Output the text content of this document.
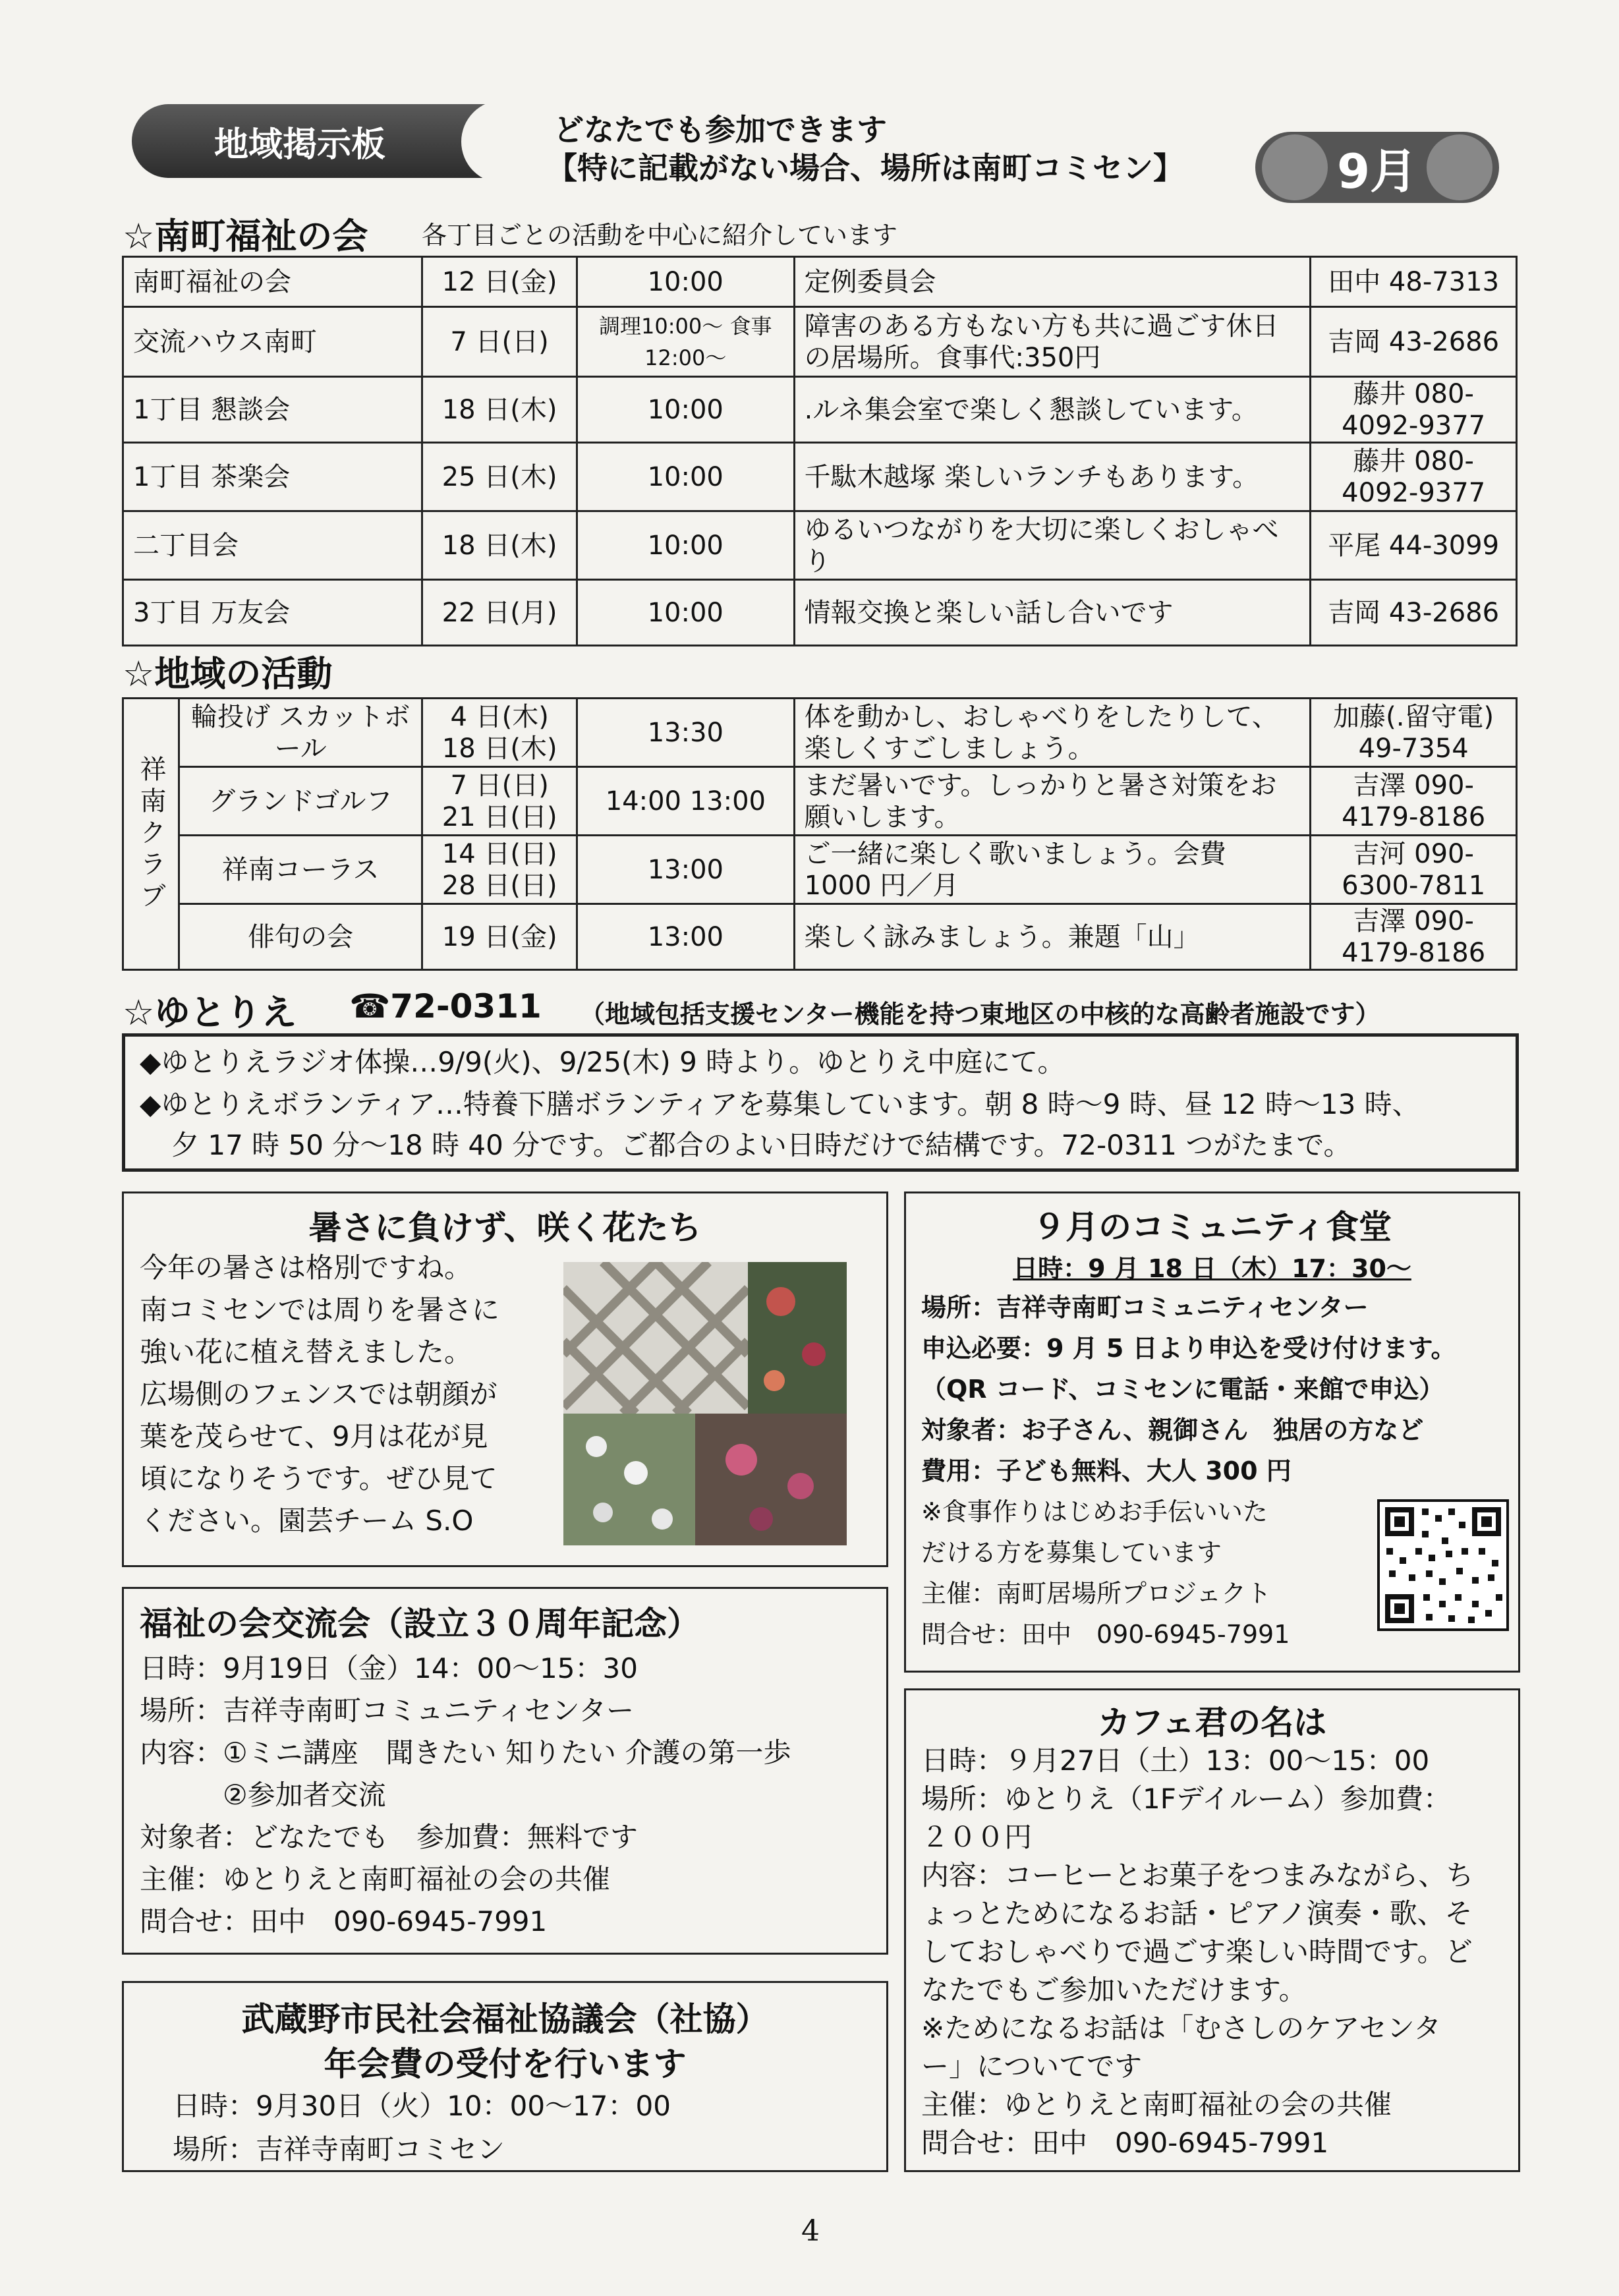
地域掲示板	どなたでも参加できます
【特に記載がない場合、場所は南町コミセン】	9月
☆南町福祉の会 各丁目ごとの活動を中心に紹介しています
南町福祉の会	12 日(金)	10:00	定例委員会	田中 48-7313
交流ハウス南町	7 日(日)	調理10:00～ 食事12:00～	障害のある方もない方も共に過ごす休日の居場所。食事代:350円	吉岡 43-2686
1丁目 懇談会	18 日(木)	10:00	.ルネ集会室で楽しく懇談しています。	藤井 080-4092-9377
1丁目 茶楽会	25 日(木)	10:00	千駄木越塚 楽しいランチもあります。	藤井 080-4092-9377
二丁目会	18 日(木)	10:00	ゆるいつながりを大切に楽しくおしゃべり	平尾 44-3099
3丁目 万友会	22 日(月)	10:00	情報交換と楽しい話し合いです	吉岡 43-2686
☆地域の活動
祥南クラブ	輪投げ スカットボール	4 日(木) 18 日(木)	13:30	体を動かし、おしゃべりをしたりして、楽しくすごしましょう。	加藤(.留守電) 49-7354
	グランドゴルフ	7 日(日) 21 日(日)	14:00 13:00	まだ暑いです。しっかりと暑さ対策をお願いします。	吉澤 090-4179-8186
	祥南コーラス	14 日(日) 28 日(日)	13:00	ご一緒に楽しく歌いましょう。会費 1000 円／月	吉河 090-6300-7811
	俳句の会	19 日(金)	13:00	楽しく詠みましょう。兼題「山」	吉澤 090-4179-8186
☆ゆとりえ ☎72-0311 （地域包括支援センター機能を持つ東地区の中核的な高齢者施設です）
◆ゆとりえラジオ体操…9/9(火)、9/25(木) 9 時より。ゆとりえ中庭にて。
◆ゆとりえボランティア…特養下膳ボランティアを募集しています。朝 8 時～9 時、昼 12 時～13 時、
夕 17 時 50 分～18 時 40 分です。ご都合のよい日時だけで結構です。72-0311 つがたまで。
暑さに負けず、咲く花たち
今年の暑さは格別ですね。
南コミセンでは周りを暑さに
強い花に植え替えました。
広場側のフェンスでは朝顔が
葉を茂らせて、9月は花が見
頃になりそうです。ぜひ見て
ください。園芸チーム S.O
福祉の会交流会（設立３０周年記念）
日時：9月19日（金）14：00～15：30
場所：吉祥寺南町コミュニティセンター
内容：①ミニ講座　聞きたい 知りたい 介護の第一歩
　　　②参加者交流
対象者：どなたでも　参加費：無料です
主催：ゆとりえと南町福祉の会の共催
問合せ：田中　090-6945-7991
武蔵野市民社会福祉協議会（社協）
年会費の受付を行います
日時：9月30日（火）10：00～17：00
場所：吉祥寺南町コミセン
９月のコミュニティ食堂
日時：9 月 18 日（木）17：30～
場所：吉祥寺南町コミュニティセンター
申込必要：9 月 5 日より申込を受け付けます。
（QR コード、コミセンに電話・来館で申込）
対象者：お子さん、親御さん　独居の方など
費用：子ども無料、大人 300 円
※食事作りはじめお手伝いいた
だける方を募集しています
主催：南町居場所プロジェクト
問合せ：田中　090-6945-7991
カフェ君の名は
日時：９月27日（土）13：00～15：00
場所：ゆとりえ（1Fデイルーム）参加費：
２００円
内容：コーヒーとお菓子をつまみながら、ち
ょっとためになるお話・ピアノ演奏・歌、そ
しておしゃべりで過ごす楽しい時間です。ど
なたでもご参加いただけます。
※ためになるお話は「むさしのケアセンタ
ー」についてです
主催：ゆとりえと南町福祉の会の共催
問合せ：田中　090-6945-7991
4
